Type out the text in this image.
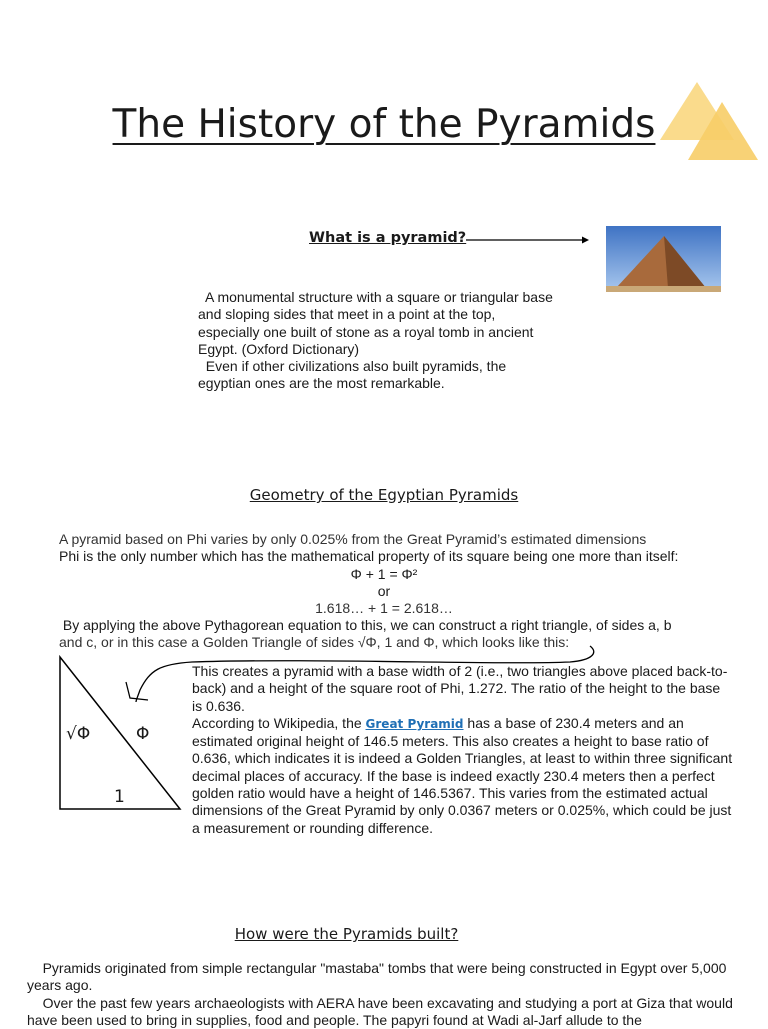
The History of the Pyramids
What is a pyramid?
A monumental structure with a square or triangular base
and sloping sides that meet in a point at the top,
especially one built of stone as a royal tomb in ancient
Egypt. (Oxford Dictionary)
Even if other civilizations also built pyramids, the
egyptian ones are the most remarkable.
Geometry of the Egyptian Pyramids
A pyramid based on Phi varies by only 0.025% from the Great Pyramid’s estimated dimensions
Phi is the only number which has the mathematical property of its square being one more than itself:
Φ + 1 = Φ²
or
1.618… + 1 = 2.618…
By applying the above Pythagorean equation to this, we can construct a right triangle, of sides a, b
and c, or in this case a Golden Triangle of sides √Φ, 1 and Φ, which looks like this:
√Φ	Φ
1
This creates a pyramid with a base width of 2 (i.e., two triangles above placed back-to-back) and a height of the square root of Phi, 1.272. The ratio of the height to the base is 0.636.
According to Wikipedia, the Great Pyramid has a base of 230.4 meters and an estimated original height of 146.5 meters. This also creates a height to base ratio of 0.636, which indicates it is indeed a Golden Triangles, at least to within three significant decimal places of accuracy. If the base is indeed exactly 230.4 meters then a perfect golden ratio would have a height of 146.5367. This varies from the estimated actual dimensions of the Great Pyramid by only 0.0367 meters or 0.025%, which could be just a measurement or rounding difference.
How were the Pyramids built?
Pyramids originated from simple rectangular "mastaba" tombs that were being constructed in Egypt over 5,000 years ago.
Over the past few years archaeologists with AERA have been excavating and studying a port at Giza that would have been used to bring in supplies, food and people. The papyri found at Wadi al-Jarf allude to the
